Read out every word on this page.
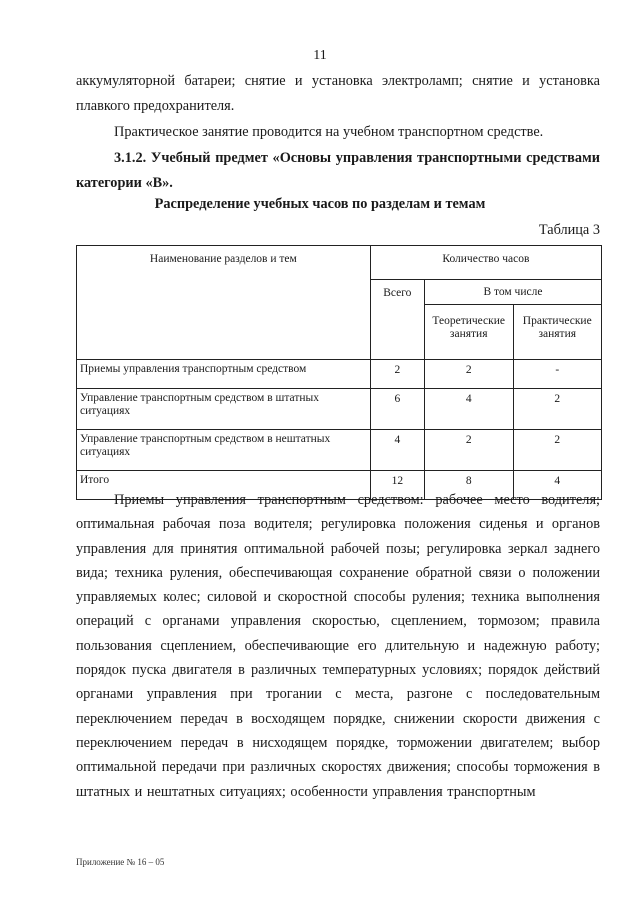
11

аккумуляторной батареи; снятие и установка электроламп; снятие и установка плавкого предохранителя.

Практическое занятие проводится на учебном транспортном средстве.

3.1.2. Учебный предмет «Основы управления транспортными средствами категории «В».

Распределение учебных часов по разделам и темам

Таблица 3

Наименование разделов и тем	Количество часов		
	Всего	В том числе	
		Теоретические занятия	Практические занятия
Приемы управления транспортным средством	2	2	-
Управление транспортным средством в штатных ситуациях	6	4	2
Управление транспортным средством в нештатных ситуациях	4	2	2
Итого	12	8	4

Приемы управления транспортным средством: рабочее место водителя; оптимальная рабочая поза водителя; регулировка положения сиденья и органов управления для принятия оптимальной рабочей позы; регулировка зеркал заднего вида; техника руления, обеспечивающая сохранение обратной связи о положении управляемых колес; силовой и скоростной способы руления; техника выполнения операций с органами управления скоростью, сцеплением, тормозом; правила пользования сцеплением, обеспечивающие его длительную и надежную работу; порядок пуска двигателя в различных температурных условиях; порядок действий органами управления при трогании с места, разгоне с последовательным переключением передач в восходящем порядке, снижении скорости движения с переключением передач в нисходящем порядке, торможении двигателем; выбор оптимальной передачи при различных скоростях движения; способы торможения в штатных и нештатных ситуациях; особенности управления транспортным

Приложение № 16 – 05
